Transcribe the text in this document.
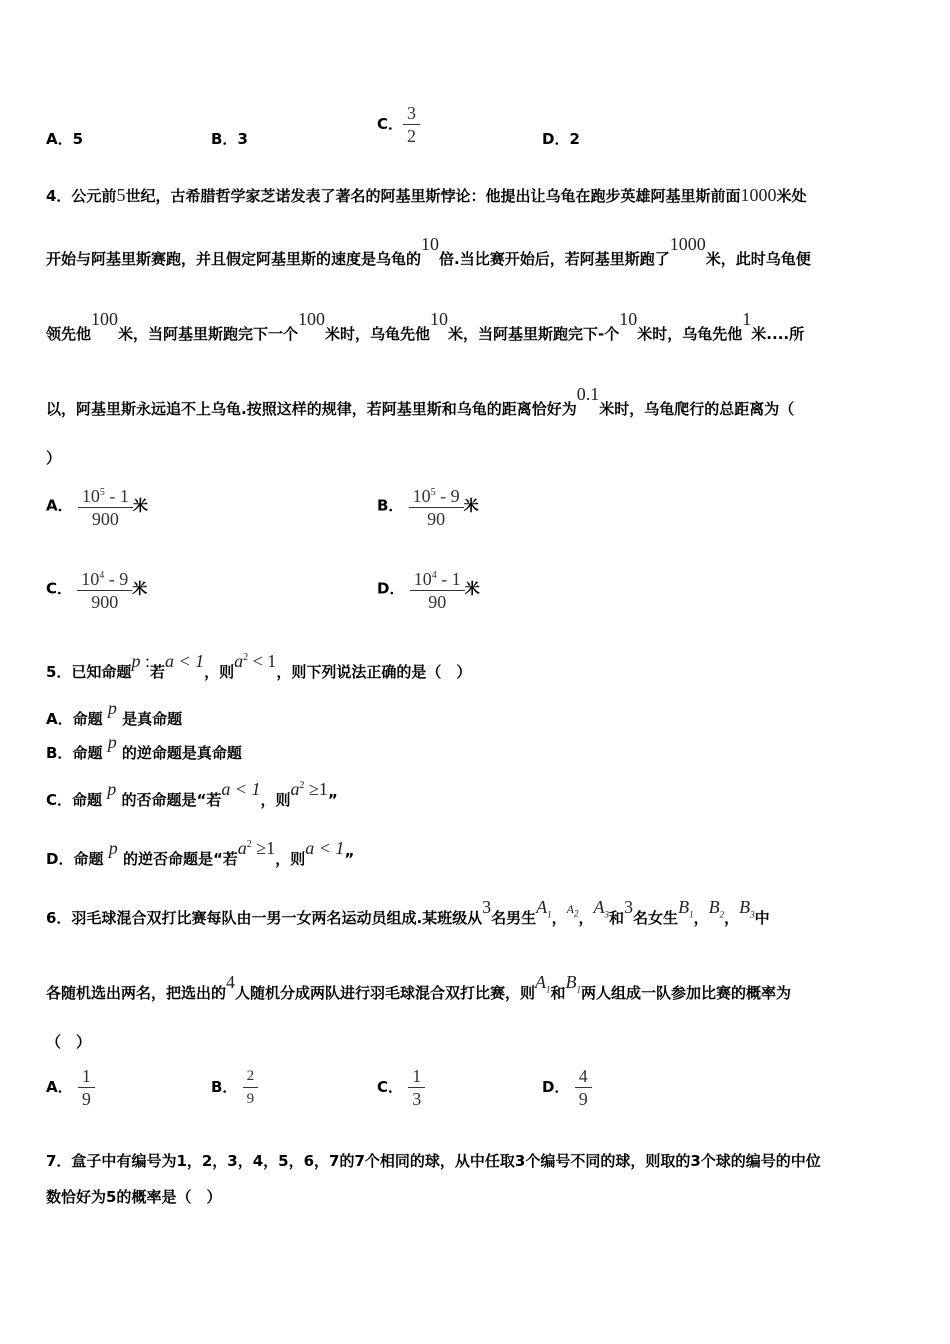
A．5	B．3
C． $\frac{3}{2}$	D．2
4．公元前5世纪，古希腊哲学家芝诺发表了著名的阿基里斯悖论：他提出让乌龟在跑步英雄阿基里斯前面1000米处
开始与阿基里斯赛跑，并且假定阿基里斯的速度是乌龟的10倍.当比赛开始后，若阿基里斯跑了1000米，此时乌龟便
领先他100米，当阿基里斯跑完下一个100米时，乌龟先他10米，当阿基里斯跑完下-个10米时，乌龟先他1米....所
以，阿基里斯永远追不上乌龟.按照这样的规律，若阿基里斯和乌龟的距离恰好为0.1米时，乌龟爬行的总距离为（
）
A． $\frac{10^5 - 1}{900}$ 米	B． $\frac{10^5 - 9}{90}$ 米
C． $\frac{10^4 - 9}{900}$ 米	D． $\frac{10^4 - 1}{90}$ 米
5．已知命题p :若a < 1，则$a^2 < 1$，则下列说法正确的是（　）
A．命题 p 是真命题
B．命题 p 的逆命题是真命题
C．命题 p 的否命题是“若a < 1，则$a^2 \ge 1$”
D．命题 p 的逆否命题是“若$a^2 \ge 1$，则a < 1”
6．羽毛球混合双打比赛每队由一男一女两名运动员组成.某班级从3名男生$A_1$，$^{A_2}$，$A_3$和3名女生$B_1$，$B_2$，$B_3$中
各随机选出两名，把选出的4人随机分成两队进行羽毛球混合双打比赛，则$A_1$和$B_1$两人组成一队参加比赛的概率为
（　）
A． $\frac{1}{9}$	B． $\frac{2}{9}$	C． $\frac{1}{3}$	D． $\frac{4}{9}$
7．盒子中有编号为1，2，3，4，5，6，7的7个相同的球，从中任取3个编号不同的球，则取的3个球的编号的中位
数恰好为5的概率是（　）
